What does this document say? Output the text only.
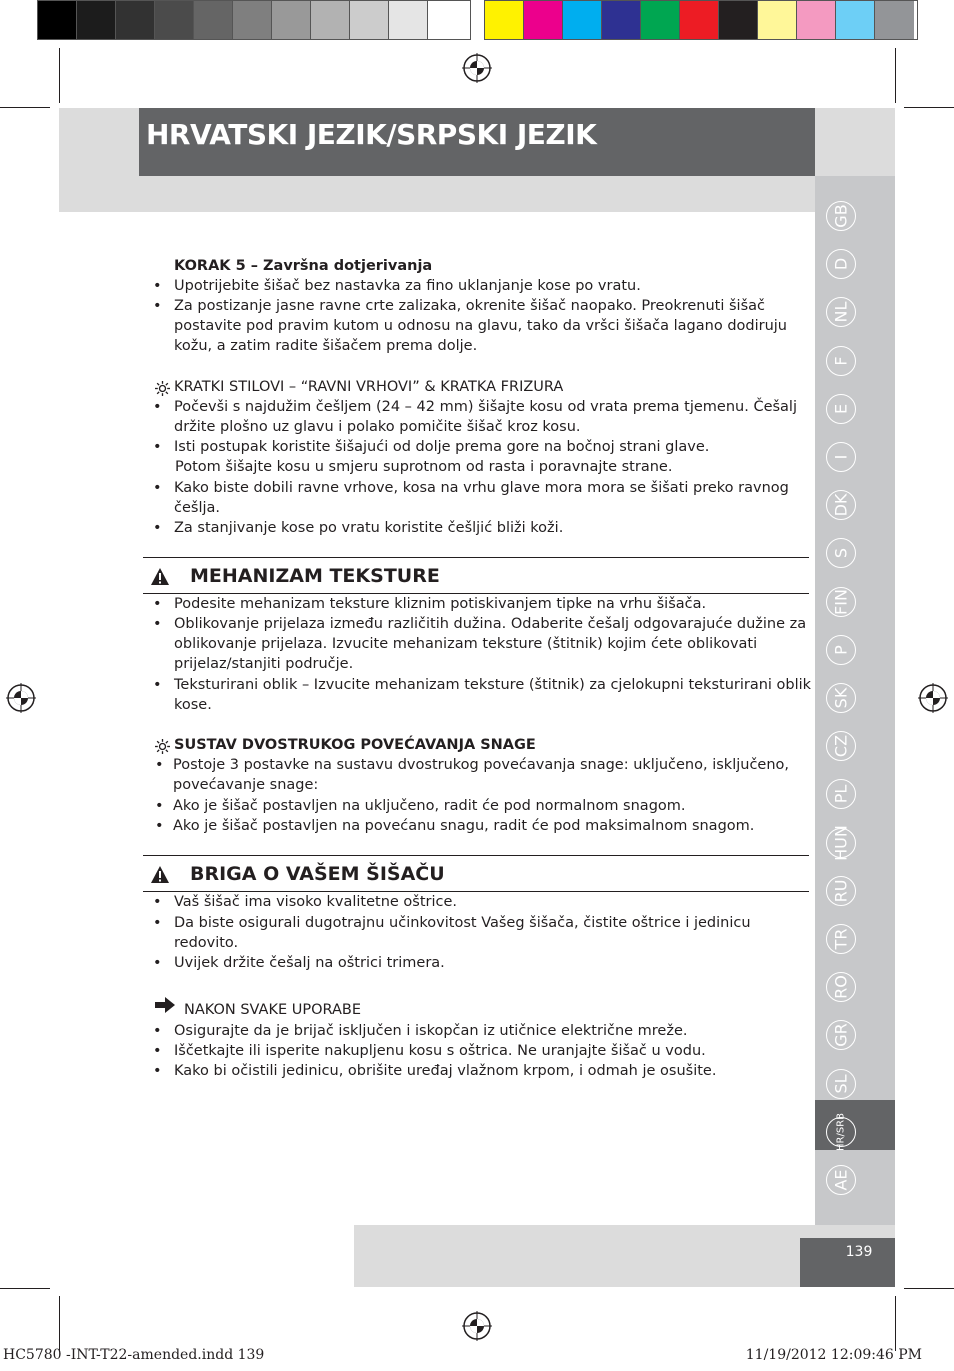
HRVATSKI JEZIK/SRPSKI JEZIK
GB
D
NL
F
E
I
DK
S
FIN
P
SK
CZ
PL
HUN
RU
TR
RO
GR
SL
HR/SRB
AE
KORAK 5 – Završna dotjerivanja
• Upotrijebite šišač bez nastavka za fino uklanjanje kose po vratu.
• Za postizanje jasne ravne crte zalizaka, okrenite šišač naopako. Preokrenuti šišač
postavite pod pravim kutom u odnosu na glavu, tako da vršci šišača lagano dodiruju
kožu, a zatim radite šišačem prema dolje.
KRATKI STILOVI – “RAVNI VRHOVI” & KRATKA FRIZURA
• Počevši s najdužim češljem (24 – 42 mm) šišajte kosu od vrata prema tjemenu. Češalj
držite plošno uz glavu i polako pomičite šišač kroz kosu.
• Isti postupak koristite šišajući od dolje prema gore na bočnoj strani glave.
Potom šišajte kosu u smjeru suprotnom od rasta i poravnajte strane.
• Kako biste dobili ravne vrhove, kosa na vrhu glave mora mora se šišati preko ravnog
češlja.
• Za stanjivanje kose po vratu koristite češljić bliži koži.
MEHANIZAM TEKSTURE
• Podesite mehanizam teksture kliznim potiskivanjem tipke na vrhu šišača.
• Oblikovanje prijelaza između različitih dužina. Odaberite češalj odgovarajuće dužine za
oblikovanje prijelaza. Izvucite mehanizam teksture (štitnik) kojim ćete oblikovati
prijelaz/stanjiti područje.
• Teksturirani oblik – Izvucite mehanizam teksture (štitnik) za cjelokupni teksturirani oblik
kose.
SUSTAV DVOSTRUKOG POVEĆAVANJA SNAGE
• Postoje 3 postavke na sustavu dvostrukog povećavanja snage: uključeno, isključeno,
povećavanje snage:
• Ako je šišač postavljen na uključeno, radit će pod normalnom snagom.
• Ako je šišač postavljen na povećanu snagu, radit će pod maksimalnom snagom.
BRIGA O VAŠEM ŠIŠAČU
• Vaš šišač ima visoko kvalitetne oštrice.
• Da biste osigurali dugotrajnu učinkovitost Vašeg šišača, čistite oštrice i jedinicu
redovito.
• Uvijek držite češalj na oštrici trimera.
NAKON SVAKE UPORABE
• Osigurajte da je brijač isključen i iskopčan iz utičnice električne mreže.
• Iščetkajte ili isperite nakupljenu kosu s oštrica. Ne uranjajte šišač u vodu.
• Kako bi očistili jedinicu, obrišite uređaj vlažnom krpom, i odmah je osušite.
139
HC5780 -INT-T22-amended.indd 139	11/19/2012 12:09:46 PM
